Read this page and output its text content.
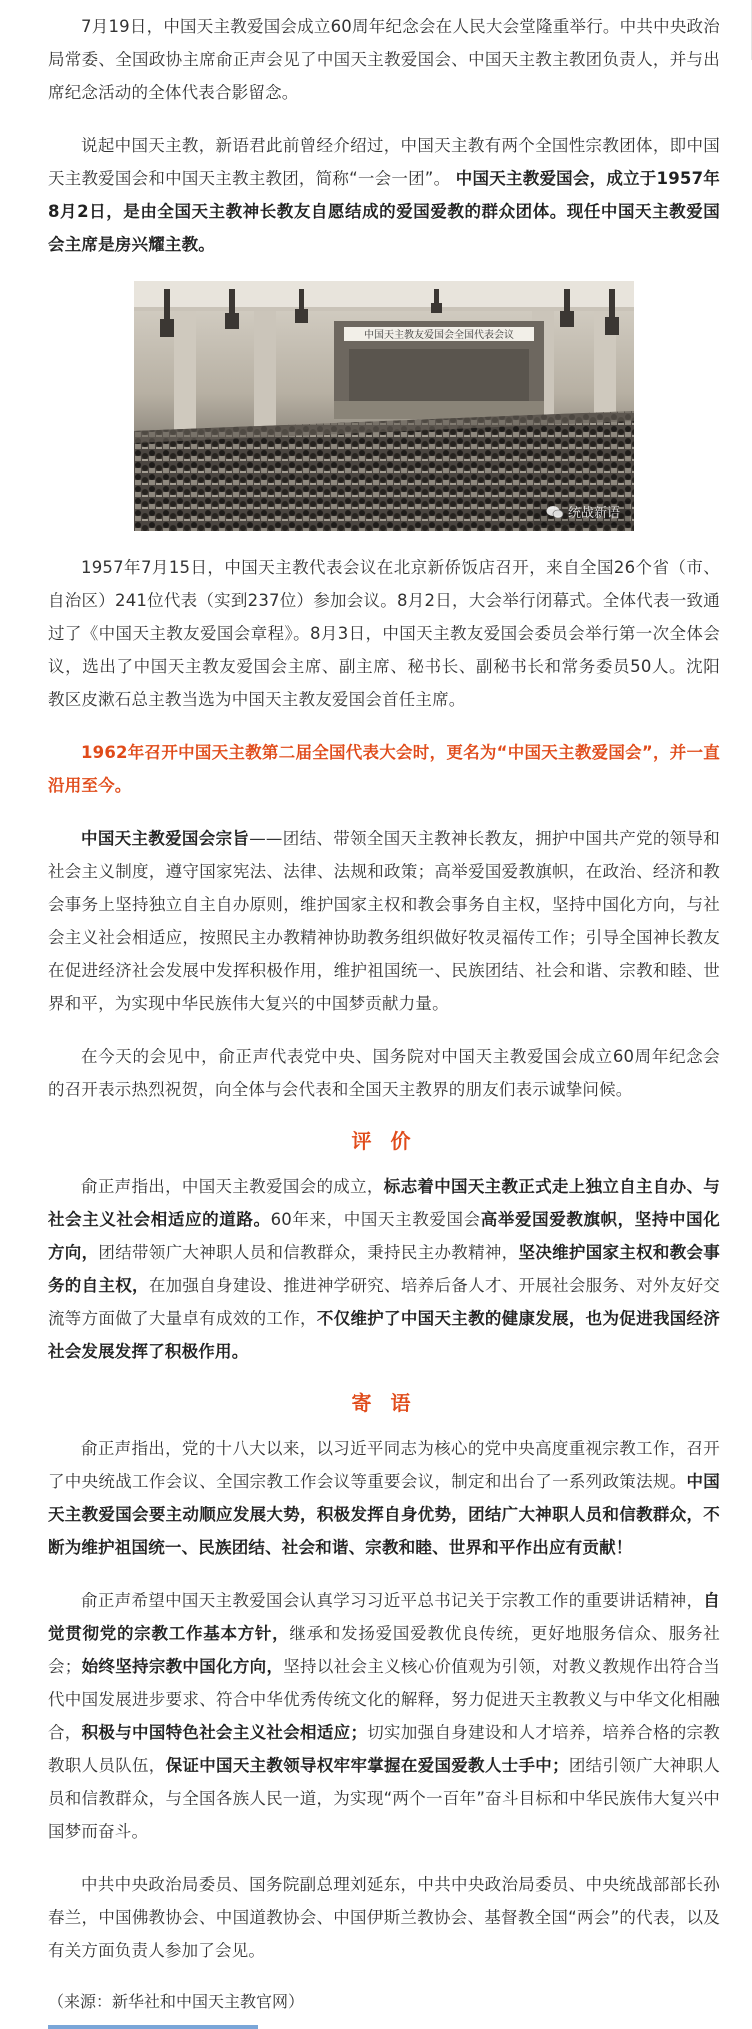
7月19日，中国天主教爱国会成立60周年纪念会在人民大会堂隆重举行。中共中央政治局常委、全国政协主席俞正声会见了中国天主教爱国会、中国天主教主教团负责人，并与出席纪念活动的全体代表合影留念。

说起中国天主教，新语君此前曾经介绍过，中国天主教有两个全国性宗教团体，即中国天主教爱国会和中国天主教主教团，简称“一会一团”。 中国天主教爱国会，成立于1957年8月2日，是由全国天主教神长教友自愿结成的爱国爱教的群众团体。现任中国天主教爱国会主席是房兴耀主教。

中国天主教友爱国会全国代表会议
统战新语

1957年7月15日，中国天主教代表会议在北京新侨饭店召开，来自全国26个省（市、自治区）241位代表（实到237位）参加会议。8月2日，大会举行闭幕式。全体代表一致通过了《中国天主教友爱国会章程》。8月3日，中国天主教友爱国会委员会举行第一次全体会议，选出了中国天主教友爱国会主席、副主席、秘书长、副秘书长和常务委员50人。沈阳教区皮漱石总主教当选为中国天主教友爱国会首任主席。

1962年召开中国天主教第二届全国代表大会时，更名为“中国天主教爱国会”，并一直沿用至今。

中国天主教爱国会宗旨——团结、带领全国天主教神长教友，拥护中国共产党的领导和社会主义制度，遵守国家宪法、法律、法规和政策；高举爱国爱教旗帜，在政治、经济和教会事务上坚持独立自主自办原则，维护国家主权和教会事务自主权，坚持中国化方向，与社会主义社会相适应，按照民主办教精神协助教务组织做好牧灵福传工作；引导全国神长教友在促进经济社会发展中发挥积极作用，维护祖国统一、民族团结、社会和谐、宗教和睦、世界和平，为实现中华民族伟大复兴的中国梦贡献力量。

在今天的会见中，俞正声代表党中央、国务院对中国天主教爱国会成立60周年纪念会的召开表示热烈祝贺，向全体与会代表和全国天主教界的朋友们表示诚挚问候。

评 价

俞正声指出，中国天主教爱国会的成立，标志着中国天主教正式走上独立自主自办、与社会主义社会相适应的道路。60年来，中国天主教爱国会高举爱国爱教旗帜，坚持中国化方向，团结带领广大神职人员和信教群众，秉持民主办教精神，坚决维护国家主权和教会事务的自主权，在加强自身建设、推进神学研究、培养后备人才、开展社会服务、对外友好交流等方面做了大量卓有成效的工作，不仅维护了中国天主教的健康发展，也为促进我国经济社会发展发挥了积极作用。

寄 语

俞正声指出，党的十八大以来，以习近平同志为核心的党中央高度重视宗教工作，召开了中央统战工作会议、全国宗教工作会议等重要会议，制定和出台了一系列政策法规。中国天主教爱国会要主动顺应发展大势，积极发挥自身优势，团结广大神职人员和信教群众，不断为维护祖国统一、民族团结、社会和谐、宗教和睦、世界和平作出应有贡献！

俞正声希望中国天主教爱国会认真学习习近平总书记关于宗教工作的重要讲话精神，自觉贯彻党的宗教工作基本方针，继承和发扬爱国爱教优良传统，更好地服务信众、服务社会；始终坚持宗教中国化方向，坚持以社会主义核心价值观为引领，对教义教规作出符合当代中国发展进步要求、符合中华优秀传统文化的解释，努力促进天主教教义与中华文化相融合，积极与中国特色社会主义社会相适应；切实加强自身建设和人才培养，培养合格的宗教教职人员队伍，保证中国天主教领导权牢牢掌握在爱国爱教人士手中；团结引领广大神职人员和信教群众，与全国各族人民一道，为实现“两个一百年”奋斗目标和中华民族伟大复兴中国梦而奋斗。

中共中央政治局委员、国务院副总理刘延东，中共中央政治局委员、中央统战部部长孙春兰，中国佛教协会、中国道教协会、中国伊斯兰教协会、基督教全国“两会”的代表，以及有关方面负责人参加了会见。

（来源：新华社和中国天主教官网）
